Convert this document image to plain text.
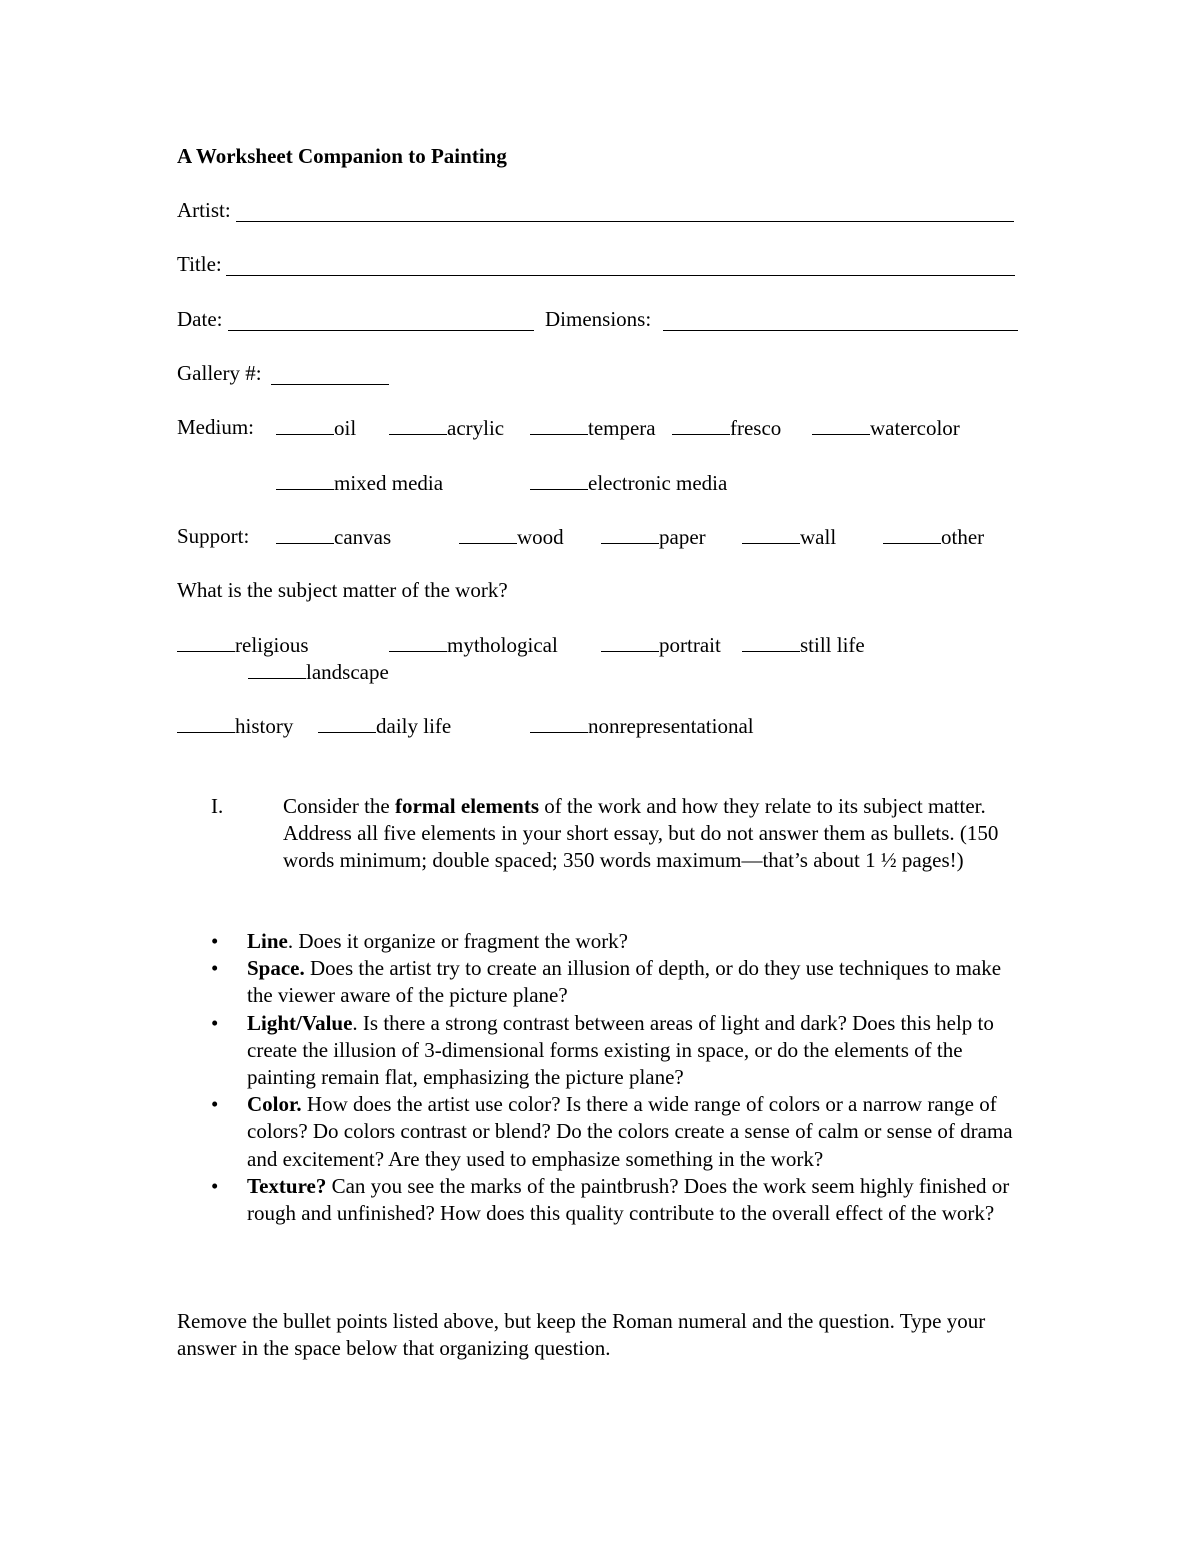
A Worksheet Companion to Painting
Artist:
Title:
Date:	Dimensions:
Gallery #:
Medium:	oil	acrylic	tempera	fresco	watercolor
mixed media	electronic media
Support:	canvas	wood	paper	wall	other
What is the subject matter of the work?
religious	mythological	portrait	still life
landscape
history	daily life	nonrepresentational
I.	Consider the formal elements of the work and how they relate to its subject matter. Address all five elements in your short essay, but do not answer them as bullets. (150 words minimum; double spaced; 350 words maximum—that’s about 1 ½ pages!)
• Line. Does it organize or fragment the work?
• Space. Does the artist try to create an illusion of depth, or do they use techniques to make the viewer aware of the picture plane?
• Light/Value. Is there a strong contrast between areas of light and dark? Does this help to create the illusion of 3-dimensional forms existing in space, or do the elements of the painting remain flat, emphasizing the picture plane?
• Color. How does the artist use color? Is there a wide range of colors or a narrow range of colors? Do colors contrast or blend? Do the colors create a sense of calm or sense of drama and excitement? Are they used to emphasize something in the work?
• Texture? Can you see the marks of the paintbrush? Does the work seem highly finished or rough and unfinished? How does this quality contribute to the overall effect of the work?
Remove the bullet points listed above, but keep the Roman numeral and the question. Type your answer in the space below that organizing question.
